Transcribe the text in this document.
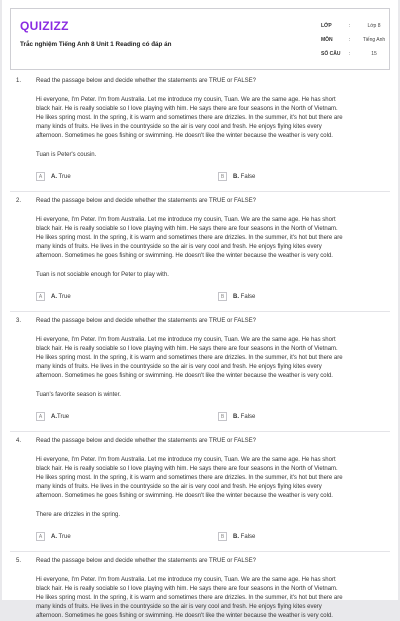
QUIZIZZ
Trắc nghiệm Tiếng Anh 8 Unit 1 Reading có đáp án
LỚP	:	Lớp 8
MÔN	:	Tiếng Anh
SỐ CÂU	:	15
1. Read the passage below and decide whether the statements are TRUE or FALSE?
Hi everyone, I'm Peter. I'm from Australia. Let me introduce my cousin, Tuan. We are the same age. He has short
black hair. He is really sociable so I love playing with him. He says there are four seasons in the North of Vietnam.
He likes spring most. In the spring, it is warm and sometimes there are drizzles. In the summer, it's hot but there are
many kinds of fruits. He lives in the countryside so the air is very cool and fresh. He enjoys flying kites every
afternoon. Sometimes he goes fishing or swimming. He doesn't like the winter because the weather is very cold.
Tuan is Peter's cousin.
A	A. True	B	B. False
2. Read the passage below and decide whether the statements are TRUE or FALSE?
Hi everyone, I'm Peter. I'm from Australia. Let me introduce my cousin, Tuan. We are the same age. He has short
black hair. He is really sociable so I love playing with him. He says there are four seasons in the North of Vietnam.
He likes spring most. In the spring, it is warm and sometimes there are drizzles. In the summer, it's hot but there are
many kinds of fruits. He lives in the countryside so the air is very cool and fresh. He enjoys flying kites every
afternoon. Sometimes he goes fishing or swimming. He doesn't like the winter because the weather is very cold.
Tuan is not sociable enough for Peter to play with.
A	A. True	B	B. False
3. Read the passage below and decide whether the statements are TRUE or FALSE?
Hi everyone, I'm Peter. I'm from Australia. Let me introduce my cousin, Tuan. We are the same age. He has short
black hair. He is really sociable so I love playing with him. He says there are four seasons in the North of Vietnam.
He likes spring most. In the spring, it is warm and sometimes there are drizzles. In the summer, it's hot but there are
many kinds of fruits. He lives in the countryside so the air is very cool and fresh. He enjoys flying kites every
afternoon. Sometimes he goes fishing or swimming. He doesn't like the winter because the weather is very cold.
Tuan's favorite season is winter.
A	A.True	B	B. False
4. Read the passage below and decide whether the statements are TRUE or FALSE?
Hi everyone, I'm Peter. I'm from Australia. Let me introduce my cousin, Tuan. We are the same age. He has short
black hair. He is really sociable so I love playing with him. He says there are four seasons in the North of Vietnam.
He likes spring most. In the spring, it is warm and sometimes there are drizzles. In the summer, it's hot but there are
many kinds of fruits. He lives in the countryside so the air is very cool and fresh. He enjoys flying kites every
afternoon. Sometimes he goes fishing or swimming. He doesn't like the winter because the weather is very cold.
There are drizzles in the spring.
A	A. True	B	B. False
5. Read the passage below and decide whether the statements are TRUE or FALSE?
Hi everyone, I'm Peter. I'm from Australia. Let me introduce my cousin, Tuan. We are the same age. He has short
black hair. He is really sociable so I love playing with him. He says there are four seasons in the North of Vietnam.
He likes spring most. In the spring, it is warm and sometimes there are drizzles. In the summer, it's hot but there are
many kinds of fruits. He lives in the countryside so the air is very cool and fresh. He enjoys flying kites every
afternoon. Sometimes he goes fishing or swimming. He doesn't like the winter because the weather is very cold.
